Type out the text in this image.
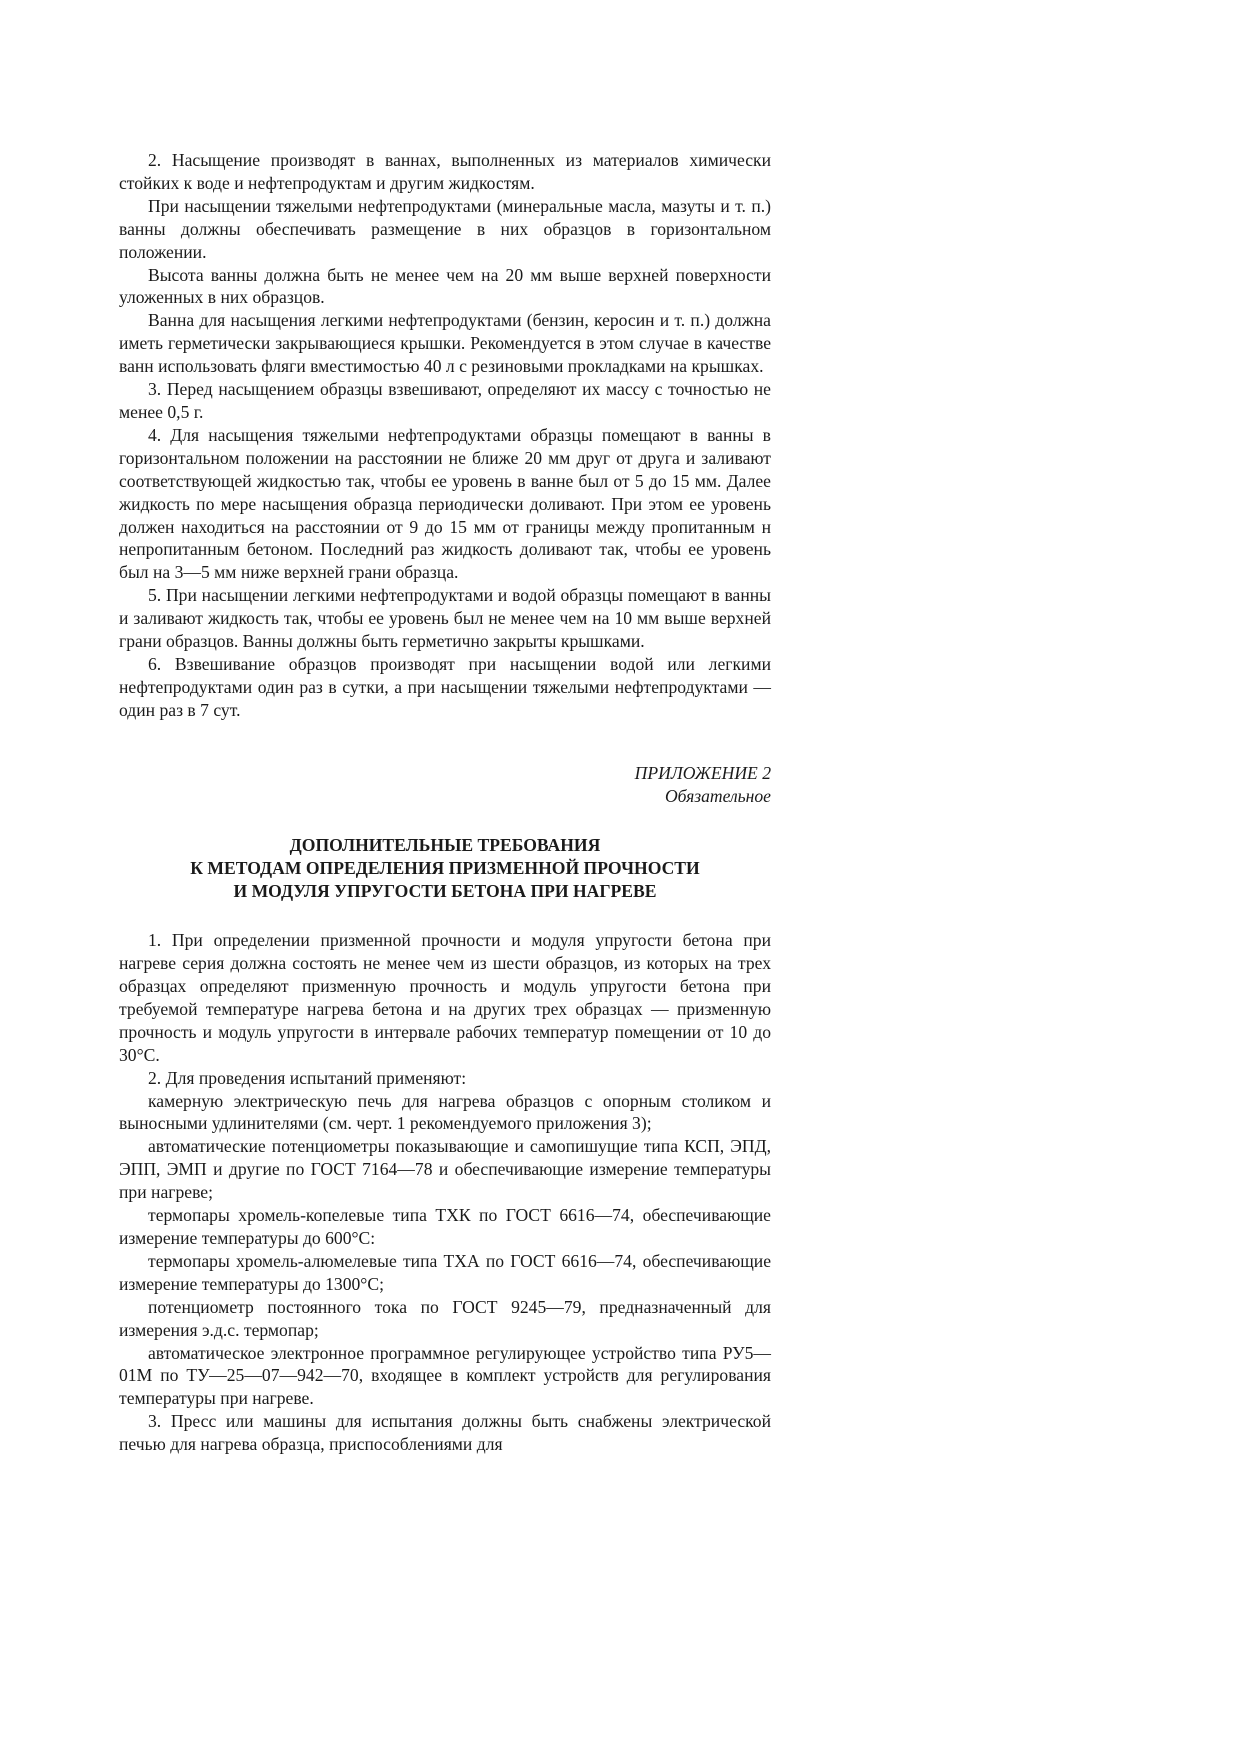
2. Насыщение производят в ваннах, выполненных из материалов химически стойких к воде и нефтепродуктам и другим жидкостям.

При насыщении тяжелыми нефтепродуктами (минеральные масла, мазуты и т. п.) ванны должны обеспечивать размещение в них образцов в горизонтальном положении.

Высота ванны должна быть не менее чем на 20 мм выше верхней поверхности уложенных в них образцов.

Ванна для насыщения легкими нефтепродуктами (бензин, керосин и т. п.) должна иметь герметически закрывающиеся крышки. Рекомендуется в этом случае в качестве ванн использовать фляги вместимостью 40 л с резиновыми прокладками на крышках.

3. Перед насыщением образцы взвешивают, определяют их массу с точностью не менее 0,5 г.

4. Для насыщения тяжелыми нефтепродуктами образцы помещают в ванны в горизонтальном положении на расстоянии не ближе 20 мм друг от друга и заливают соответствующей жидкостью так, чтобы ее уровень в ванне был от 5 до 15 мм. Далее жидкость по мере насыщения образца периодически доливают. При этом ее уровень должен находиться на расстоянии от 9 до 15 мм от границы между пропитанным н непропитанным бетоном. Последний раз жидкость доливают так, чтобы ее уровень был на 3—5 мм ниже верхней грани образца.

5. При насыщении легкими нефтепродуктами и водой образцы помещают в ванны и заливают жидкость так, чтобы ее уровень был не менее чем на 10 мм выше верхней грани образцов. Ванны должны быть герметично закрыты крышками.

6. Взвешивание образцов производят при насыщении водой или легкими нефтепродуктами один раз в сутки, а при насыщении тяжелыми нефтепродуктами — один раз в 7 сут.

ПРИЛОЖЕНИЕ 2
Обязательное
ДОПОЛНИТЕЛЬНЫЕ ТРЕБОВАНИЯ
К МЕТОДАМ ОПРЕДЕЛЕНИЯ ПРИЗМЕННОЙ ПРОЧНОСТИ
И МОДУЛЯ УПРУГОСТИ БЕТОНА ПРИ НАГРЕВЕ

1. При определении призменной прочности и модуля упругости бетона при нагреве серия должна состоять не менее чем из шести образцов, из которых на трех образцах определяют призменную прочность и модуль упругости бетона при требуемой температуре нагрева бетона и на других трех образцах — призменную прочность и модуль упругости в интервале рабочих температур помещении от 10 до 30°С.

2. Для проведения испытаний применяют:

камерную электрическую печь для нагрева образцов с опорным столиком и выносными удлинителями (см. черт. 1 рекомендуемого приложения 3);

автоматические потенциометры показывающие и самопишущие типа КСП, ЭПД, ЭПП, ЭМП и другие по ГОСТ 7164—78 и обеспечивающие измерение температуры при нагреве;

термопары хромель-копелевые типа ТХК по ГОСТ 6616—74, обеспечивающие измерение температуры до 600°С:

термопары хромель-алюмелевые типа ТХА по ГОСТ 6616—74, обеспечивающие измерение температуры до 1300°С;

потенциометр постоянного тока по ГОСТ 9245—79, предназначенный для измерения э.д.с. термопар;

автоматическое электронное программное регулирующее устройство типа РУ5—01М по ТУ—25—07—942—70, входящее в комплект устройств для регулирования температуры при нагреве.

3. Пресс или машины для испытания должны быть снабжены электрической печью для нагрева образца, приспособлениями для
